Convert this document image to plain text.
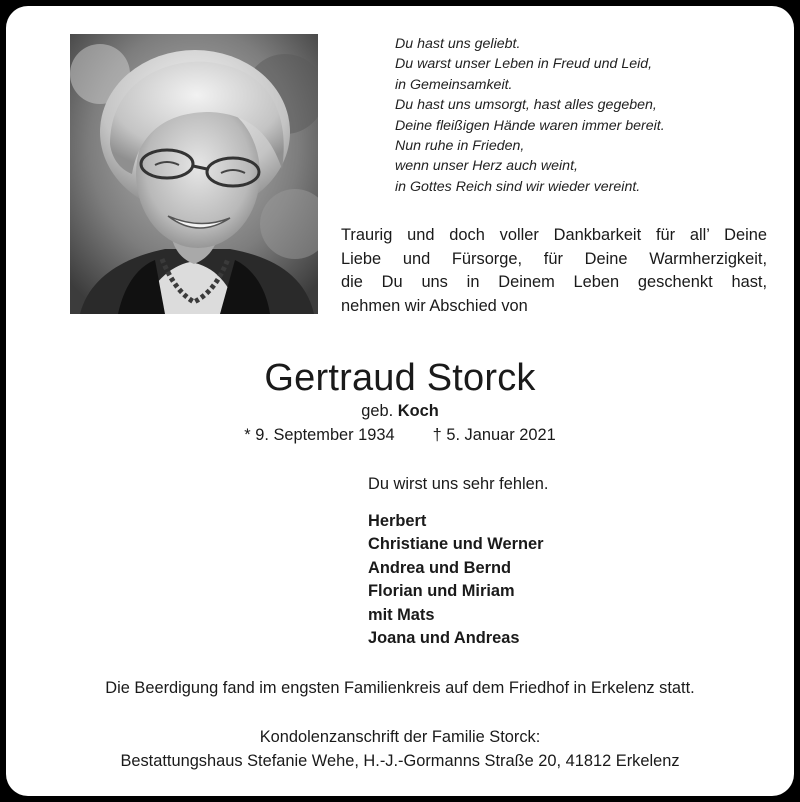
Du hast uns geliebt.
Du warst unser Leben in Freud und Leid,
in Gemeinsamkeit.
Du hast uns umsorgt, hast alles gegeben,
Deine fleißigen Hände waren immer bereit.
Nun ruhe in Frieden,
wenn unser Herz auch weint,
in Gottes Reich sind wir wieder vereint.
Traurig und doch voller Dankbarkeit für all’ Deine
Liebe und Fürsorge, für Deine Warmherzigkeit,
die Du uns in Deinem Leben geschenkt hast,
nehmen wir Abschied von
Gertraud Storck
geb. Koch
* 9. September 1934 † 5. Januar 2021
Du wirst uns sehr fehlen.
Herbert
Christiane und Werner
Andrea und Bernd
Florian und Miriam
mit Mats
Joana und Andreas
Die Beerdigung fand im engsten Familienkreis auf dem Friedhof in Erkelenz statt.
Kondolenzanschrift der Familie Storck:
Bestattungshaus Stefanie Wehe, H.-J.-Gormanns Straße 20, 41812 Erkelenz
